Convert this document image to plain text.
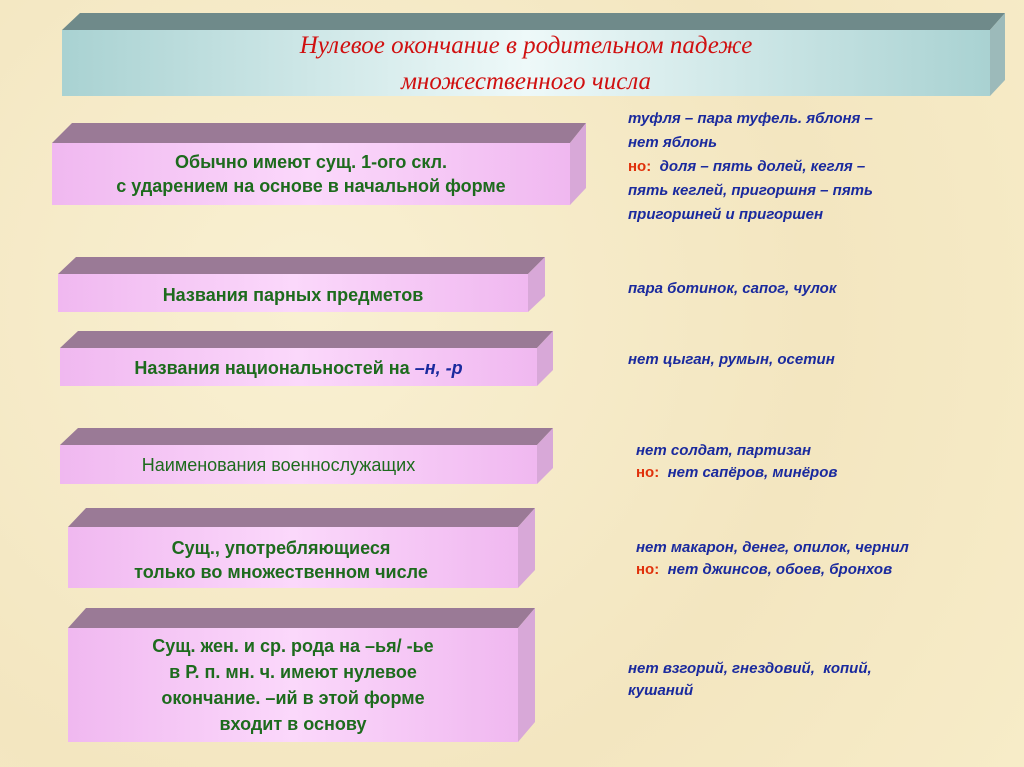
Нулевое окончание в родительном падеже
множественного числа
Обычно имеют сущ. 1-ого скл.
с ударением на основе в начальной форме
Названия парных предметов
Названия национальностей на –н, -р
Наименования военнослужащих
Сущ., употребляющиеся
только во множественном числе
Сущ. жен. и ср. рода на –ья/ -ье
в Р. п. мн. ч. имеют нулевое
окончание. –ий в этой форме
входит в основу
туфля – пара туфель. яблоня –
нет яблонь
но: доля – пять долей, кегля –
пять кеглей, пригоршня – пять
пригоршней и пригоршен
пара ботинок, сапог, чулок
нет цыган, румын, осетин
нет солдат, партизан
но: нет сапёров, минёров
нет макарон, денег, опилок, чернил
но: нет джинсов, обоев, бронхов
нет взгорий, гнездовий,  копий,
кушаний
